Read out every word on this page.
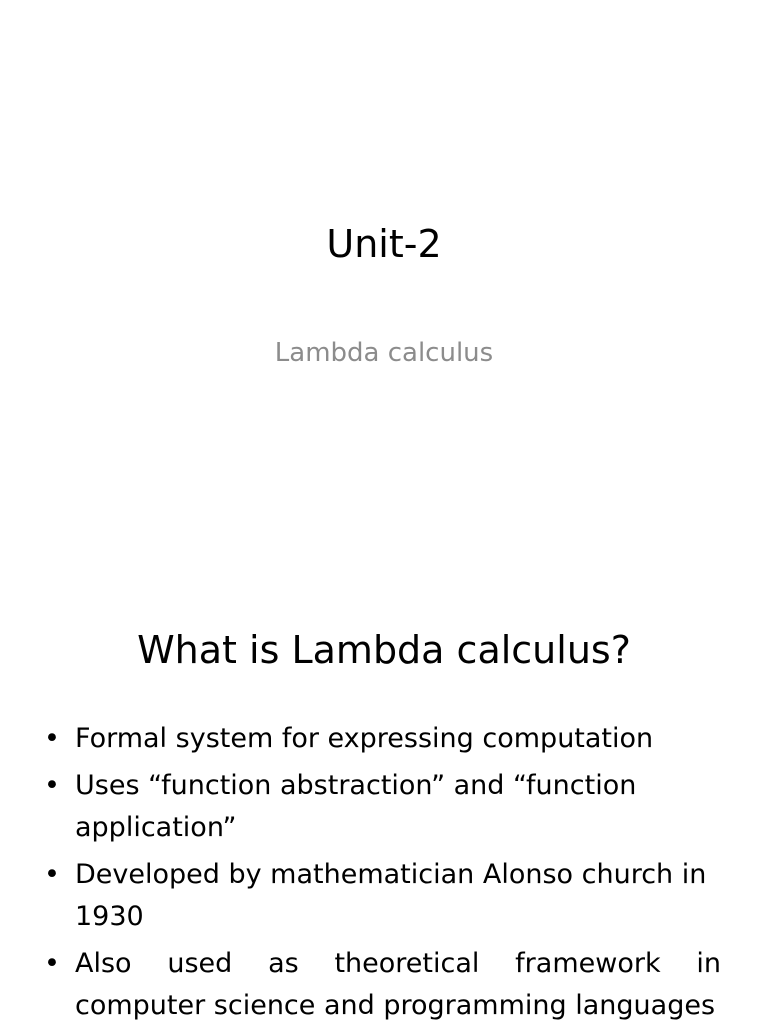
Unit-2
Lambda calculus
What is Lambda calculus?
• Formal system for expressing computation
• Uses “function abstraction” and “function application”
• Developed by mathematician Alonso church in 1930
• Also used as theoretical framework in computer science and programming languages
